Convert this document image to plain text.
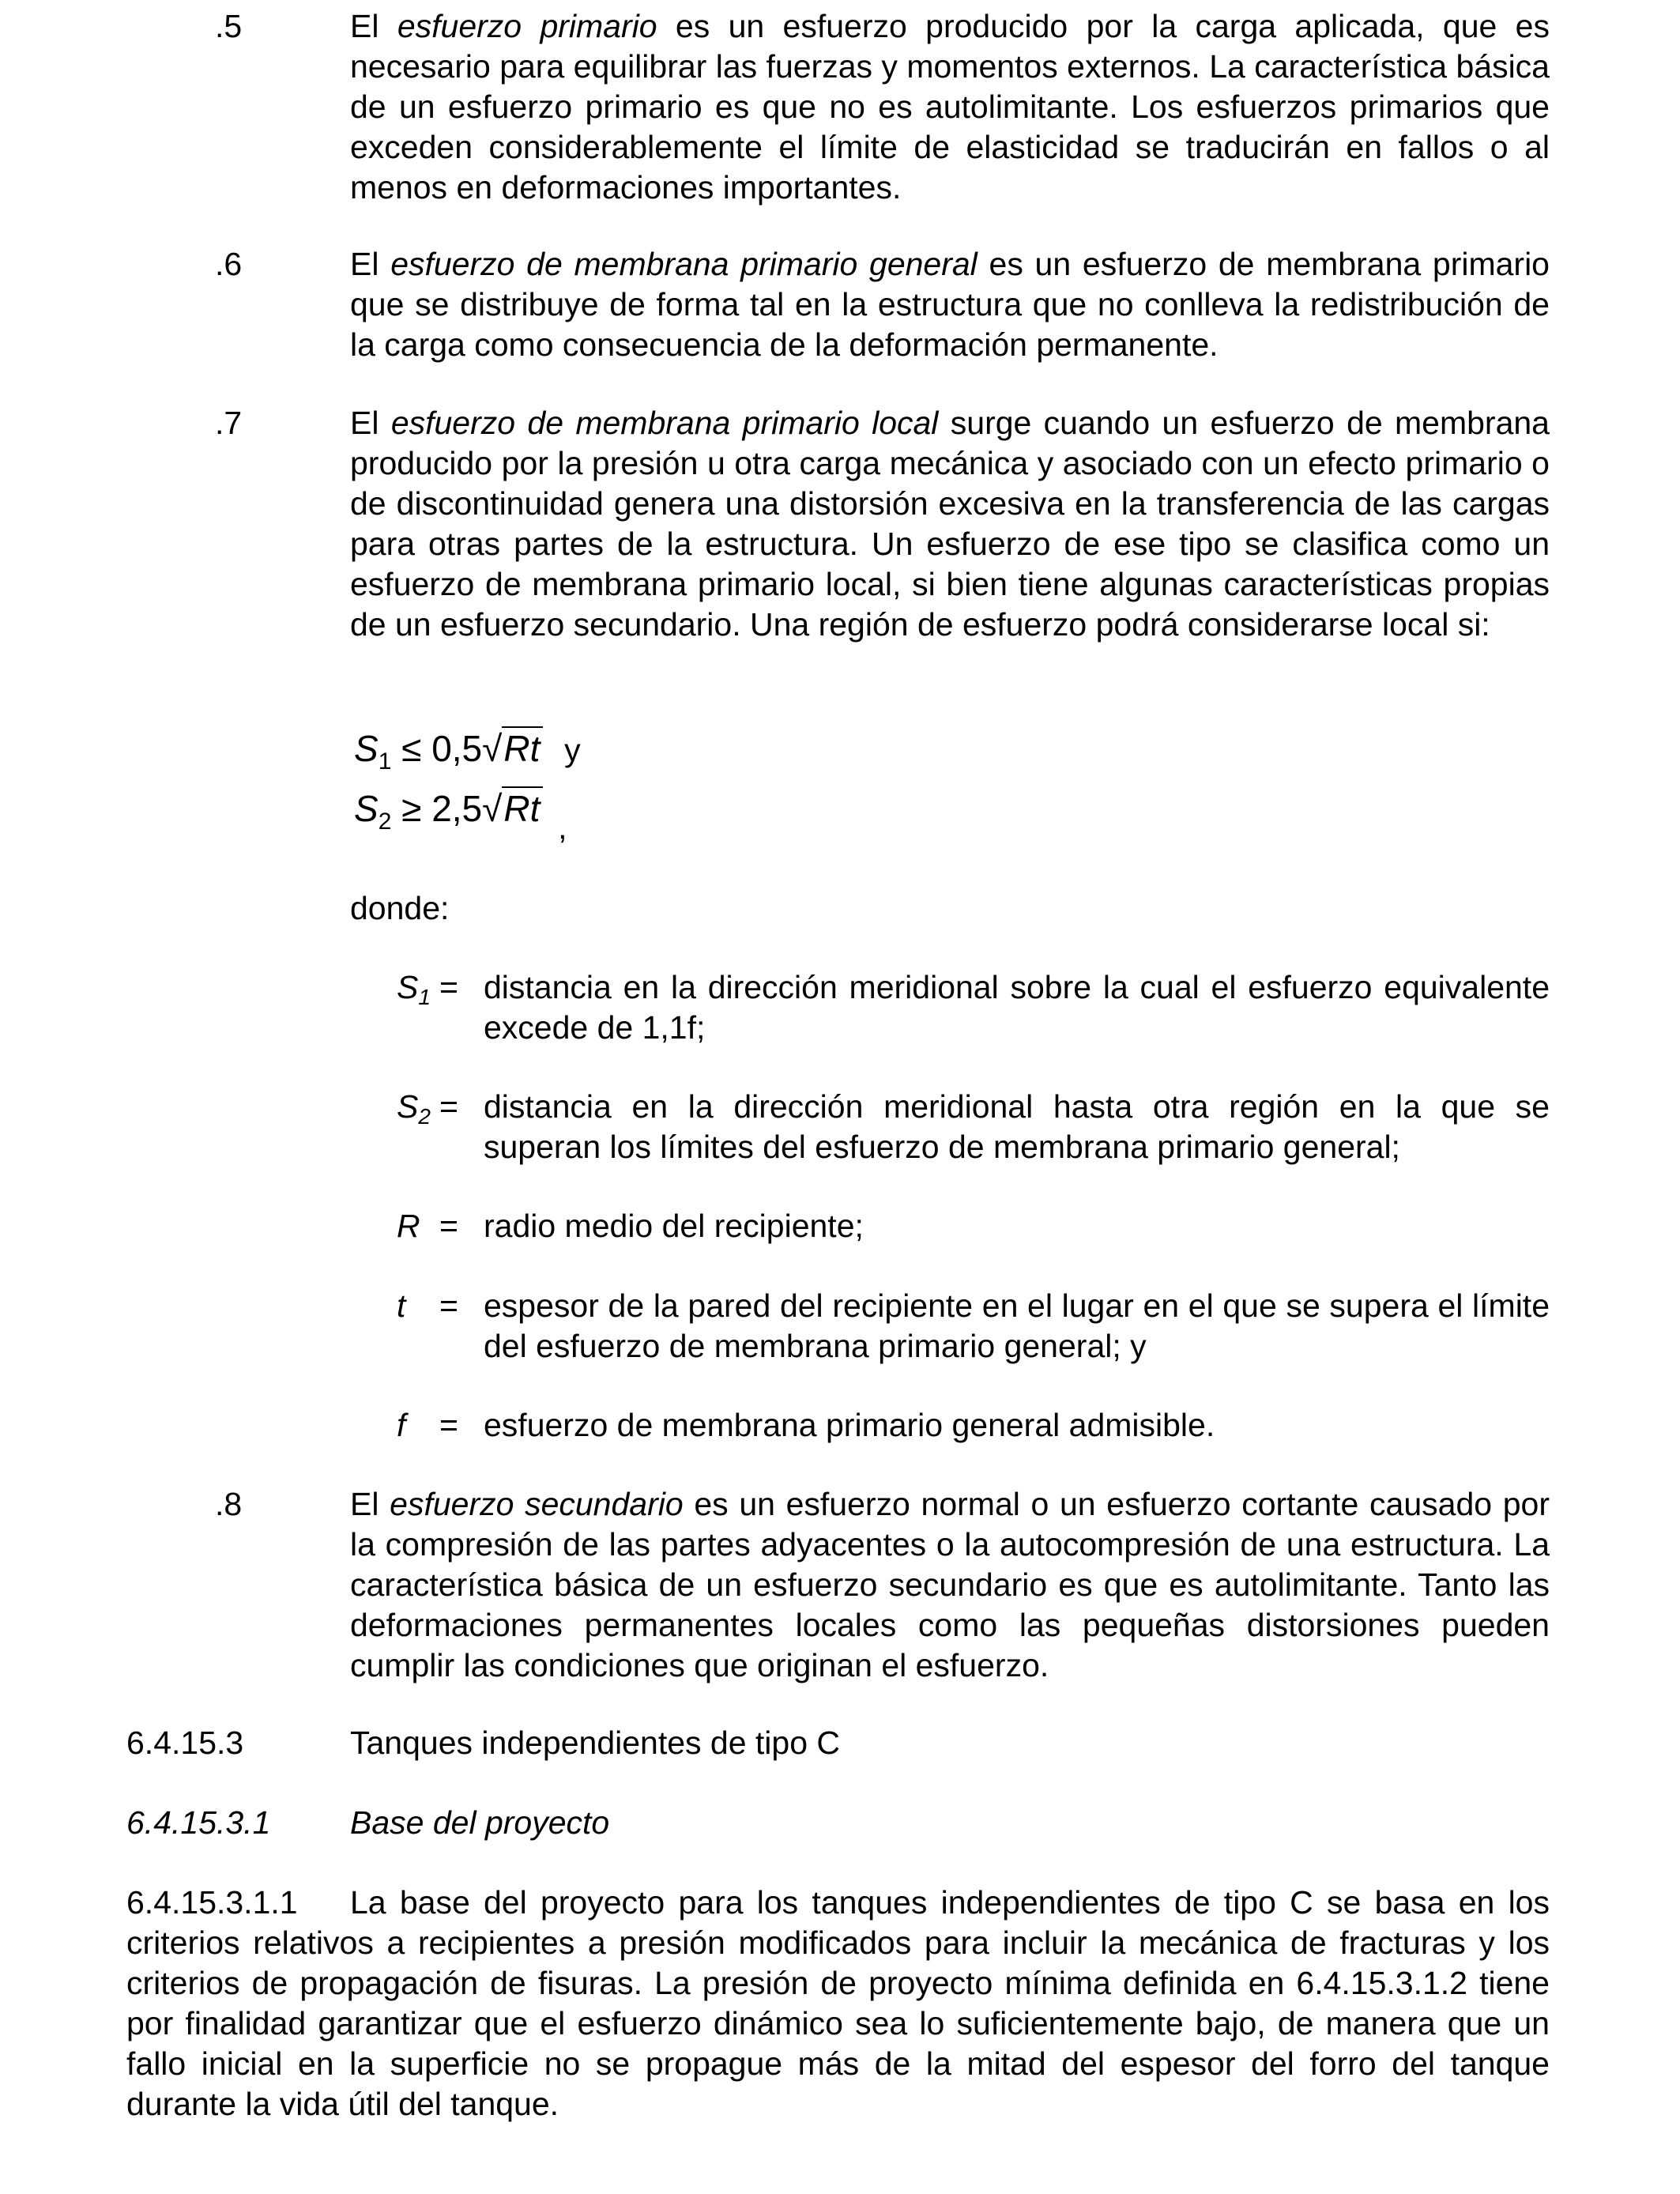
.5	El esfuerzo primario es un esfuerzo producido por la carga aplicada, que es necesario para equilibrar las fuerzas y momentos externos. La característica básica de un esfuerzo primario es que no es autolimitante. Los esfuerzos primarios que exceden considerablemente el límite de elasticidad se traducirán en fallos o al menos en deformaciones importantes.
.6	El esfuerzo de membrana primario general es un esfuerzo de membrana primario que se distribuye de forma tal en la estructura que no conlleva la redistribución de la carga como consecuencia de la deformación permanente.
.7	El esfuerzo de membrana primario local surge cuando un esfuerzo de membrana producido por la presión u otra carga mecánica y asociado con un efecto primario o de discontinuidad genera una distorsión excesiva en la transferencia de las cargas para otras partes de la estructura. Un esfuerzo de ese tipo se clasifica como un esfuerzo de membrana primario local, si bien tiene algunas características propias de un esfuerzo secundario. Una región de esfuerzo podrá considerarse local si:
$S_1 \le 0,5√Rt$ y
$S_2 \ge 2,5√Rt$ ,
donde:
$S_1$ = distancia en la dirección meridional sobre la cual el esfuerzo equivalente excede de 1,1f;
$S_2$ = distancia en la dirección meridional hasta otra región en la que se superan los límites del esfuerzo de membrana primario general;
R = radio medio del recipiente;
t = espesor de la pared del recipiente en el lugar en el que se supera el límite del esfuerzo de membrana primario general; y
f = esfuerzo de membrana primario general admisible.
.8	El esfuerzo secundario es un esfuerzo normal o un esfuerzo cortante causado por la compresión de las partes adyacentes o la autocompresión de una estructura. La característica básica de un esfuerzo secundario es que es autolimitante. Tanto las deformaciones permanentes locales como las pequeñas distorsiones pueden cumplir las condiciones que originan el esfuerzo.
6.4.15.3	Tanques independientes de tipo C
6.4.15.3.1 Base del proyecto
6.4.15.3.1.1 La base del proyecto para los tanques independientes de tipo C se basa en los criterios relativos a recipientes a presión modificados para incluir la mecánica de fracturas y los criterios de propagación de fisuras. La presión de proyecto mínima definida en 6.4.15.3.1.2 tiene por finalidad garantizar que el esfuerzo dinámico sea lo suficientemente bajo, de manera que un fallo inicial en la superficie no se propague más de la mitad del espesor del forro del tanque durante la vida útil del tanque.
